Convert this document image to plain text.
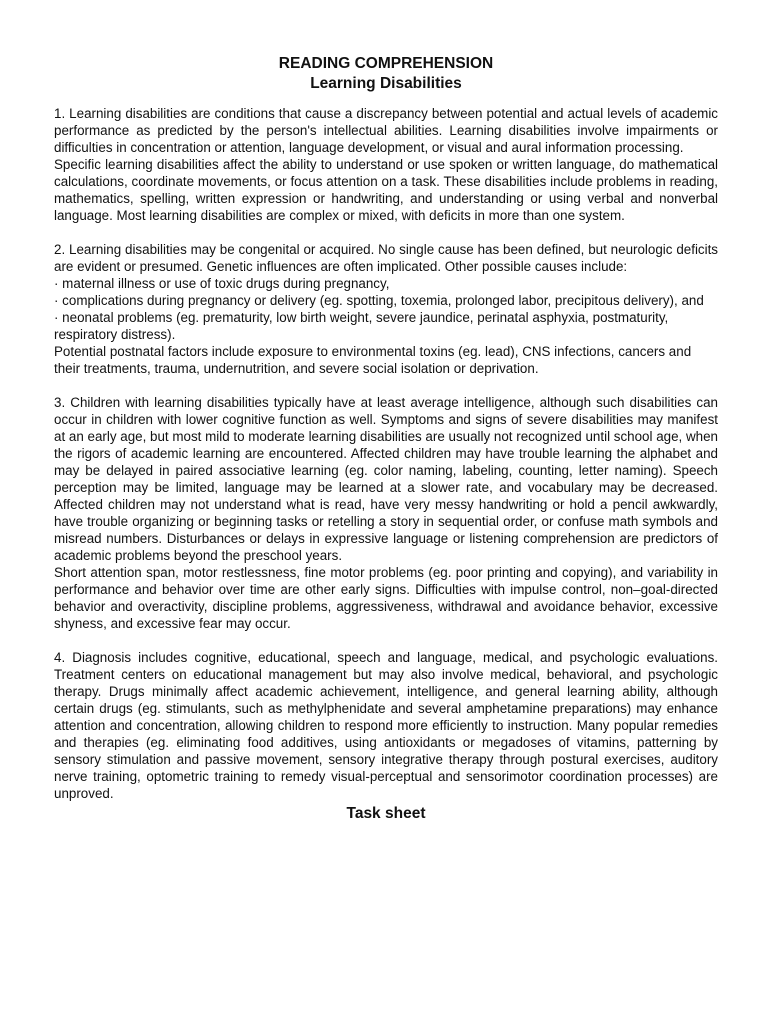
READING COMPREHENSION
Learning Disabilities

1. Learning disabilities are conditions that cause a discrepancy between potential and actual levels of academic performance as predicted by the person's intellectual abilities. Learning disabilities involve impairments or difficulties in concentration or attention, language development, or visual and aural information processing.

Specific learning disabilities affect the ability to understand or use spoken or written language, do mathematical calculations, coordinate movements, or focus attention on a task. These disabilities include problems in reading, mathematics, spelling, written expression or handwriting, and understanding or using verbal and nonverbal language. Most learning disabilities are complex or mixed, with deficits in more than one system.

2. Learning disabilities may be congenital or acquired. No single cause has been defined, but neurologic deficits are evident or presumed. Genetic influences are often implicated. Other possible causes include:

· maternal illness or use of toxic drugs during pregnancy,

· complications during pregnancy or delivery (eg. spotting, toxemia, prolonged labor, precipitous delivery), and

· neonatal problems (eg. prematurity, low birth weight, severe jaundice, perinatal asphyxia, postmaturity, respiratory distress).

Potential postnatal factors include exposure to environmental toxins (eg. lead), CNS infections, cancers and their treatments, trauma, undernutrition, and severe social isolation or deprivation.

3. Children with learning disabilities typically have at least average intelligence, although such disabilities can occur in children with lower cognitive function as well. Symptoms and signs of severe disabilities may manifest at an early age, but most mild to moderate learning disabilities are usually not recognized until school age, when the rigors of academic learning are encountered. Affected children may have trouble learning the alphabet and may be delayed in paired associative learning (eg. color naming, labeling, counting, letter naming). Speech perception may be limited, language may be learned at a slower rate, and vocabulary may be decreased. Affected children may not understand what is read, have very messy handwriting or hold a pencil awkwardly, have trouble organizing or beginning tasks or retelling a story in sequential order, or confuse math symbols and misread numbers. Disturbances or delays in expressive language or listening comprehension are predictors of academic problems beyond the preschool years.

Short attention span, motor restlessness, fine motor problems (eg. poor printing and copying), and variability in performance and behavior over time are other early signs. Difficulties with impulse control, non–goal-directed behavior and overactivity, discipline problems, aggressiveness, withdrawal and avoidance behavior, excessive shyness, and excessive fear may occur.

4. Diagnosis includes cognitive, educational, speech and language, medical, and psychologic evaluations. Treatment centers on educational management but may also involve medical, behavioral, and psychologic therapy. Drugs minimally affect academic achievement, intelligence, and general learning ability, although certain drugs (eg. stimulants, such as methylphenidate and several amphetamine preparations) may enhance attention and concentration, allowing children to respond more efficiently to instruction. Many popular remedies and therapies (eg. eliminating food additives, using antioxidants or megadoses of vitamins, patterning by sensory stimulation and passive movement, sensory integrative therapy through postural exercises, auditory nerve training, optometric training to remedy visual-perceptual and sensorimotor coordination processes) are unproved.

Task sheet
